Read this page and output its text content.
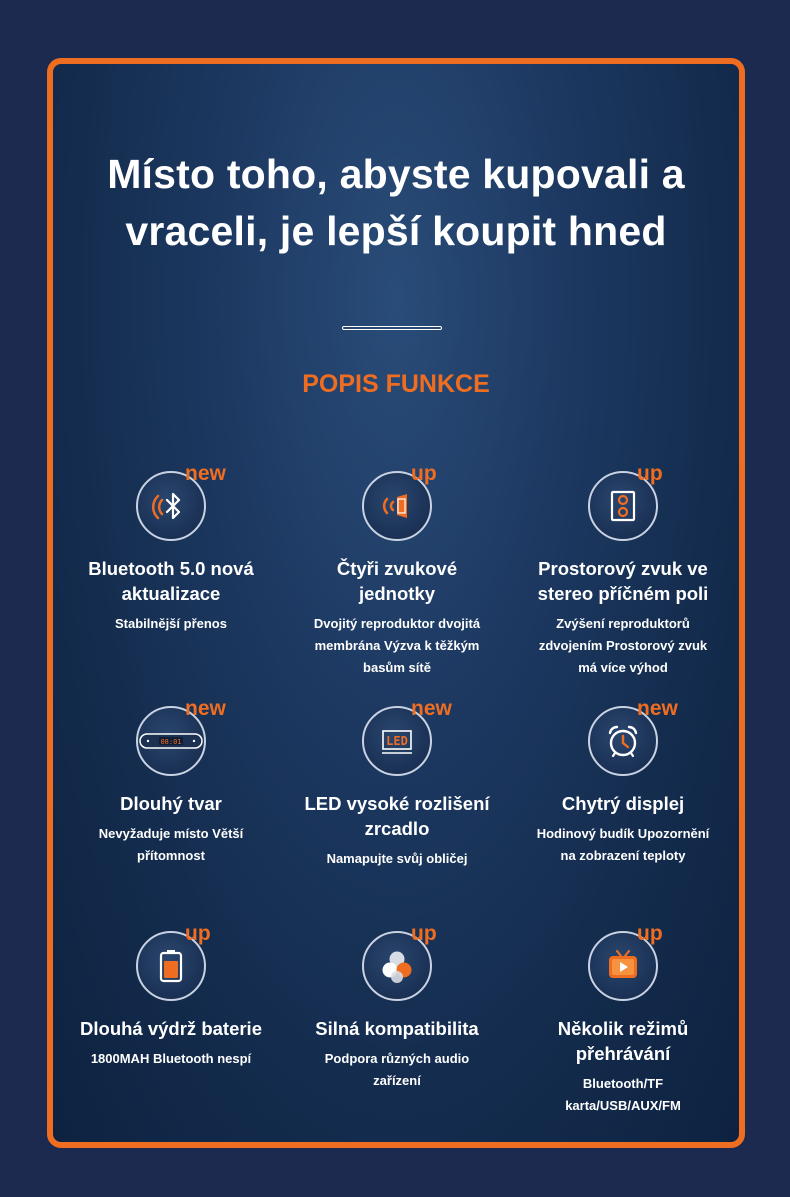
Místo toho, abyste kupovali a
vraceli, je lepší koupit hned
POPIS FUNKCE
new
Bluetooth 5.0 nová
aktualizace
Stabilnější přenos
up
Čtyři zvukové
jednotky
Dvojitý reproduktor dvojitá
membrána Výzva k těžkým
basům sítě
up
Prostorový zvuk ve
stereo příčném poli
Zvýšení reproduktorů
zdvojením Prostorový zvuk
má více výhod
08:01
new
Dlouhý tvar
Nevyžaduje místo Větší
přítomnost
LED
new
LED vysoké rozlišení
zrcadlo
Namapujte svůj obličej
new
Chytrý displej
Hodinový budík Upozornění
na zobrazení teploty
up
Dlouhá výdrž baterie
1800MAH Bluetooth nespí
up
Silná kompatibilita
Podpora různých audio
zařízení
up
Několik režimů
přehrávání
Bluetooth/TF
karta/USB/AUX/FM
